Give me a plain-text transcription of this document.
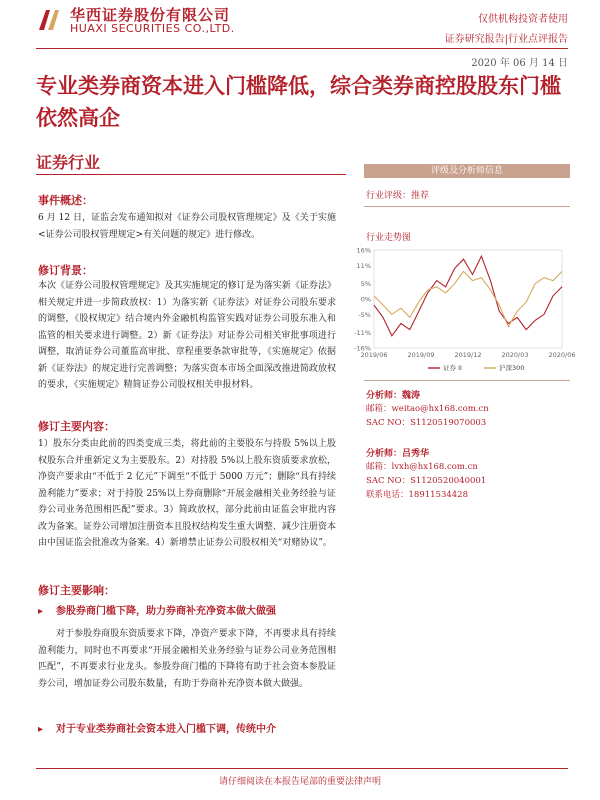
华西证券股份有限公司
HUAXI SECURITIES CO.,LTD.
仅供机构投资者使用
证券研究报告|行业点评报告
2020 年 06 月 14 日
专业类券商资本进入门槛降低，综合类券商控股股东门槛依然高企
证券行业
事件概述：
6 月 12 日，证监会发布通知拟对《证券公司股权管理规定》及《关于实施<证券公司股权管理规定>有关问题的规定》进行修改。
修订背景：
本次《证券公司股权管理规定》及其实施规定的修订是为落实新《证券法》相关规定并进一步简政放权：1）为落实新《证券法》对证券公司股东要求的调整，《股权规定》结合境内外金融机构监管实践对证券公司股东准入和监管的相关要求进行调整。2）新《证券法》对证券公司相关审批事项进行调整，取消证券公司董监高审批、章程重要条款审批等，《实施规定》依据新《证券法》的规定进行完善调整；为落实资本市场全面深改推进简政放权的要求，《实施规定》精简证券公司股权相关申报材料。
修订主要内容：
1）股东分类由此前的四类变成三类，将此前的主要股东与持股 5%以上股权股东合并重新定义为主要股东。2）对持股 5%以上股东资质要求放松，净资产要求由“不低于 2 亿元”下调至“不低于 5000 万元”；删除“具有持续盈利能力”要求；对于持股 25%以上券商删除“开展金融相关业务经验与证券公司业务范围相匹配”要求。3）简政放权，部分此前由证监会审批内容改为备案。证券公司增加注册资本且股权结构发生重大调整、减少注册资本由中国证监会批准改为备案。4）新增禁止证券公司股权相关“对赌协议”。
修订主要影响：
▸ 参股券商门槛下降，助力券商补充净资本做大做强
对于参股券商股东资质要求下降，净资产要求下降，不再要求具有持续盈利能力，同时也不再要求“开展金融相关业务经验与证券公司业务范围相匹配”，不再要求行业龙头。参股券商门槛的下降将有助于社会资本参股证券公司，增加证券公司股东数量，有助于券商补充净资本做大做强。
▸ 对于专业类券商社会资本进入门槛下调，传统中介
评级及分析师信息
行业评级：推荐
行业走势图
16%
11%
5%
0%
-5%
-11%
-16%
2019/06	2019/09	2019/12	2020/03	2020/06
证券 II	沪深300
分析师：魏涛
邮箱：weitao@hx168.com.cn
SAC NO：S1120519070003
分析师：吕秀华
邮箱：lvxh@hx168.com.cn
SAC NO：S1120520040001
联系电话：18911534428
请仔细阅读在本报告尾部的重要法律声明
